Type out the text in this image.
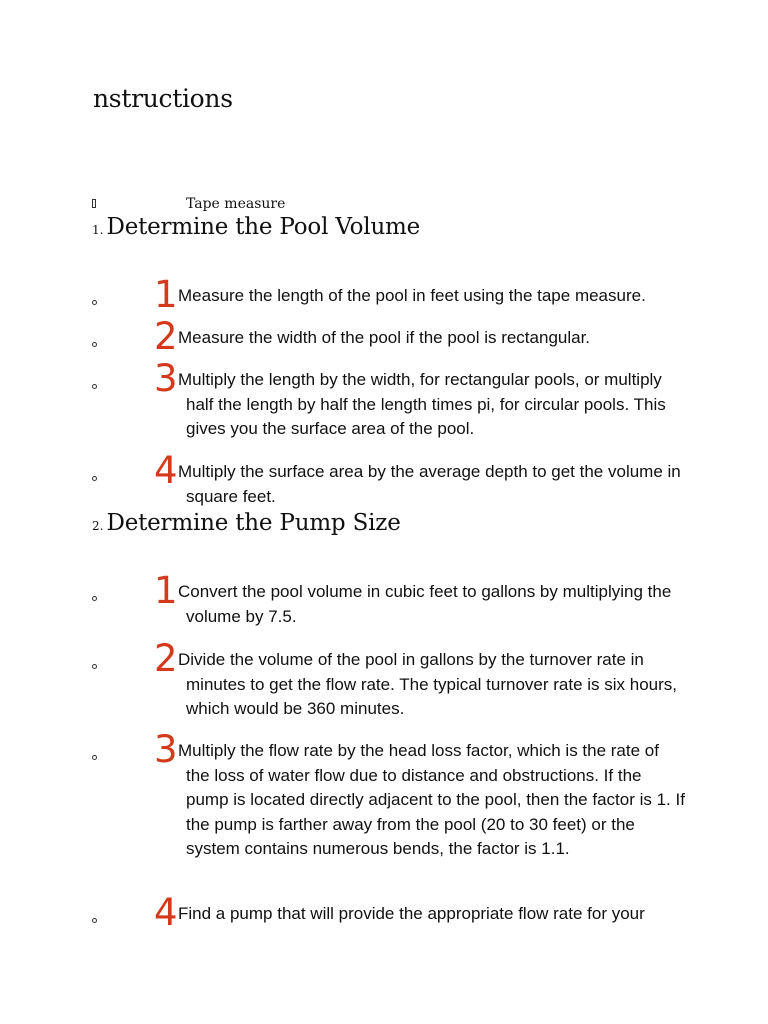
nstructions
Tape measure
1. Determine the Pool Volume
1 Measure the length of the pool in feet using the tape measure.
2 Measure the width of the pool if the pool is rectangular.
3 Multiply the length by the width, for rectangular pools, or multiply half the length by half the length times pi, for circular pools. This gives you the surface area of the pool.
4 Multiply the surface area by the average depth to get the volume in square feet.
2. Determine the Pump Size
1 Convert the pool volume in cubic feet to gallons by multiplying the volume by 7.5.
2 Divide the volume of the pool in gallons by the turnover rate in minutes to get the flow rate. The typical turnover rate is six hours, which would be 360 minutes.
3 Multiply the flow rate by the head loss factor, which is the rate of the loss of water flow due to distance and obstructions. If the pump is located directly adjacent to the pool, then the factor is 1. If the pump is farther away from the pool (20 to 30 feet) or the system contains numerous bends, the factor is 1.1.
4 Find a pump that will provide the appropriate flow rate for your
